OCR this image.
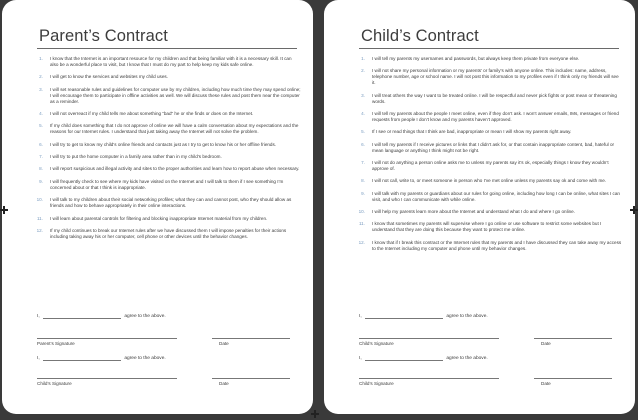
Parent’s Contract
1. I know that the Internet is an important resource for my children and that being familiar with it is a necessary skill. It can also be a wonderful place to visit, but I know that I must do my part to help keep my kids safe online.
2. I will get to know the services and websites my child uses.
3. I will set reasonable rules and guidelines for computer use by my children, including how much time they may spend online; I will encourage them to participate in offline activities as well. We will discuss these rules and post them near the computer as a reminder.
4. I will not overreact if my child tells me about something “bad” he or she finds or does on the Internet.
5. If my child does something that I do not approve of online we will have a calm conversation about my expectations and the reasons for our Internet rules. I understand that just taking away the Internet will not solve the problem.
6. I will try to get to know my child’s online friends and contacts just as I try to get to know his or her offline friends.
7. I will try to put the home computer in a family area rather than in my child’s bedroom.
8. I will report suspicious and illegal activity and sites to the proper authorities and learn how to report abuse when necessary.
9. I will frequently check to see where my kids have visited on the Internet and I will talk to them if I see something I’m concerned about or that I think is inappropriate.
10. I will talk to my children about their social networking profiles; what they can and cannot post, who they should allow as friends and how to behave appropriately in their online interactions.
11. I will learn about parental controls for filtering and blocking inappropriate Internet material from my children.
12. If my child continues to break our Internet rules after we have discussed them I will impose penalties for their actions including taking away his or her computer, cell phone or other devices until the behavior changes.
I,	agree to the above.
Parent’s Signature	Date
I,	agree to the above.
Child’s Signature	Date
Child’s Contract
1. I will tell my parents my usernames and passwords, but always keep them private from everyone else.
2. I will not share my personal information or my parents’ or family’s with anyone online. This includes: name, address, telephone number, age or school name. I will not post this information to my profiles even if I think only my friends will see it.
3. I will treat others the way I want to be treated online. I will be respectful and never pick fights or post mean or threatening words.
4. I will tell my parents about the people I meet online, even if they don’t ask. I won’t answer emails, IMs, messages or friend requests from people I don’t know and my parents haven’t approved.
5. If I see or read things that I think are bad, inappropriate or mean I will show my parents right away.
6. I will tell my parents if I receive pictures or links that I didn’t ask for, or that contain inappropriate content, bad, hateful or mean language or anything I think might not be right.
7. I will not do anything a person online asks me to unless my parents say it’s ok, especially things I know they wouldn’t approve of.
8. I will not call, write to, or meet someone in person who I’ve met online unless my parents say ok and come with me.
9. I will talk with my parents or guardians about our rules for going online, including how long I can be online, what sites I can visit, and who I can communicate with while online.
10. I will help my parents learn more about the Internet and understand what I do and where I go online.
11. I know that sometimes my parents will supervise where I go online or use software to restrict some websites but I understand that they are doing this because they want to protect me online.
12. I know that if I break this contract or the Internet rules that my parents and I have discussed they can take away my access to the Internet including my computer and phone until my behavior changes.
I,	agree to the above.
Child’s Signature	Date
I,	agree to the above.
Child’s Signature	Date
